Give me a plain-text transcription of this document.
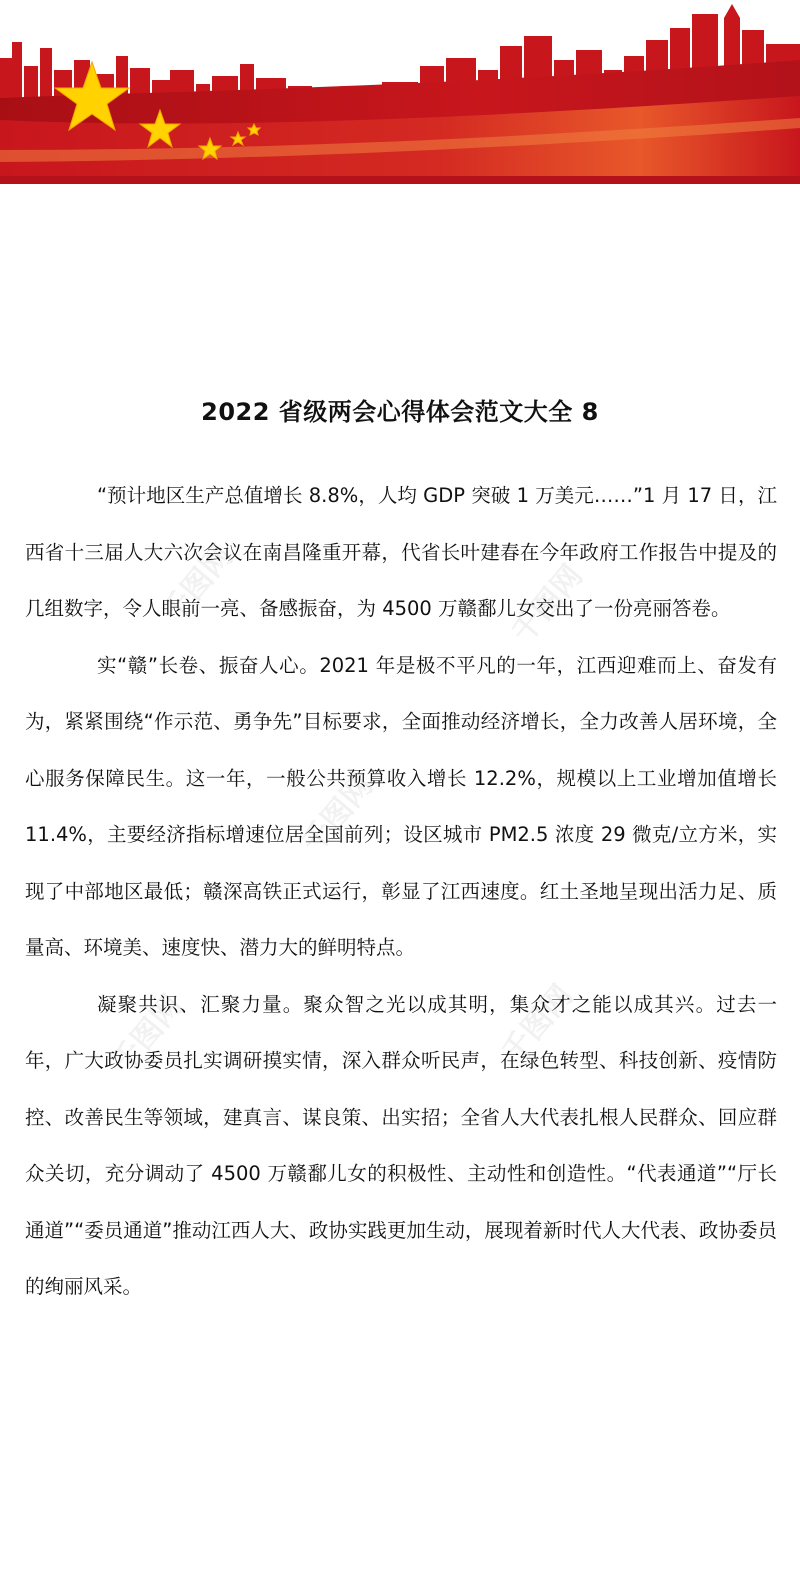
千图网	千图网
千图网
千图网	千图网
2022 省级两会心得体会范文大全 8

“预计地区生产总值增长 8.8%，人均 GDP 突破 1 万美元……”1 月 17 日，江西省十三届人大六次会议在南昌隆重开幕，代省长叶建春在今年政府工作报告中提及的几组数字，令人眼前一亮、备感振奋，为 4500 万赣鄱儿女交出了一份亮丽答卷。

实“赣”长卷、振奋人心。2021 年是极不平凡的一年，江西迎难而上、奋发有为，紧紧围绕“作示范、勇争先”目标要求，全面推动经济增长，全力改善人居环境，全心服务保障民生。这一年，一般公共预算收入增长 12.2%，规模以上工业增加值增长 11.4%，主要经济指标增速位居全国前列；设区城市 PM2.5 浓度 29 微克/立方米，实现了中部地区最低；赣深高铁正式运行，彰显了江西速度。红土圣地呈现出活力足、质量高、环境美、速度快、潜力大的鲜明特点。

凝聚共识、汇聚力量。聚众智之光以成其明，集众才之能以成其兴。过去一年，广大政协委员扎实调研摸实情，深入群众听民声，在绿色转型、科技创新、疫情防控、改善民生等领域，建真言、谋良策、出实招；全省人大代表扎根人民群众、回应群众关切，充分调动了 4500 万赣鄱儿女的积极性、主动性和创造性。“代表通道”“厅长通道”“委员通道”推动江西人大、政协实践更加生动，展现着新时代人大代表、政协委员的绚丽风采。
